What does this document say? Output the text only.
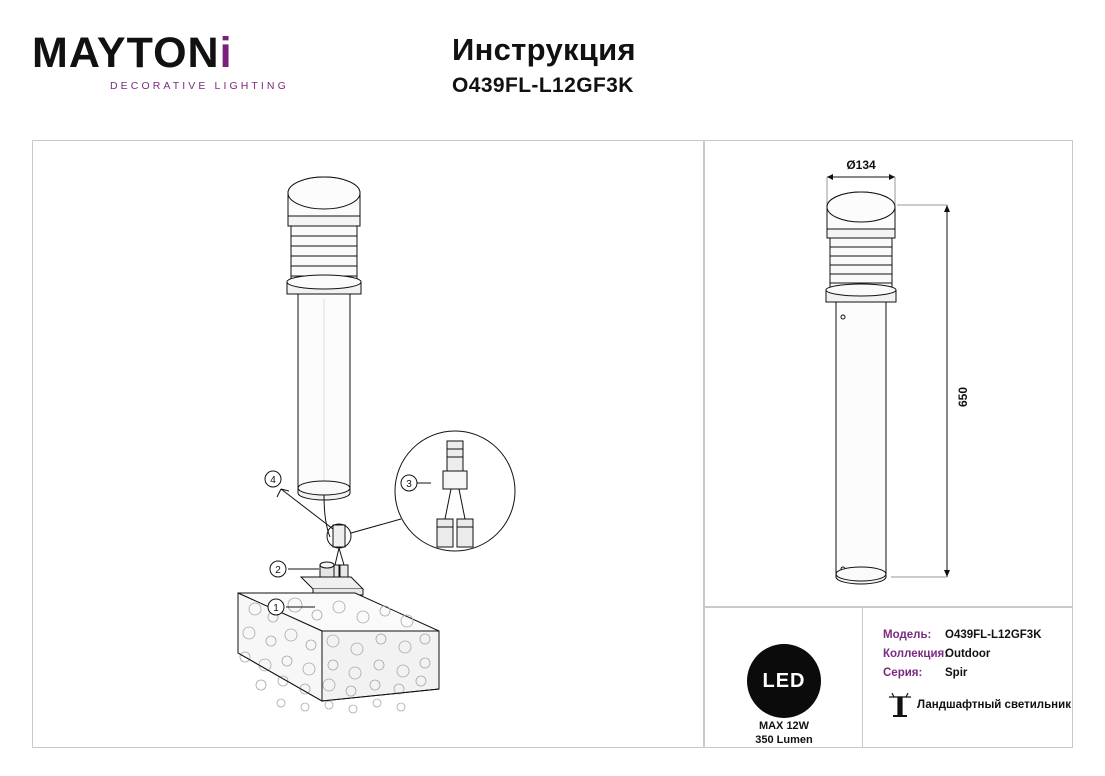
MAYTONi
DECORATIVE LIGHTING
Инструкция
O439FL-L12GF3K
4
2
1
3
Ø134
650
LED
MAX 12W
350 Lumen
Модель:	O439FL-L12GF3K
Коллекция:
Outdoor
Серия:	Spir
Ландшафтный светильник
